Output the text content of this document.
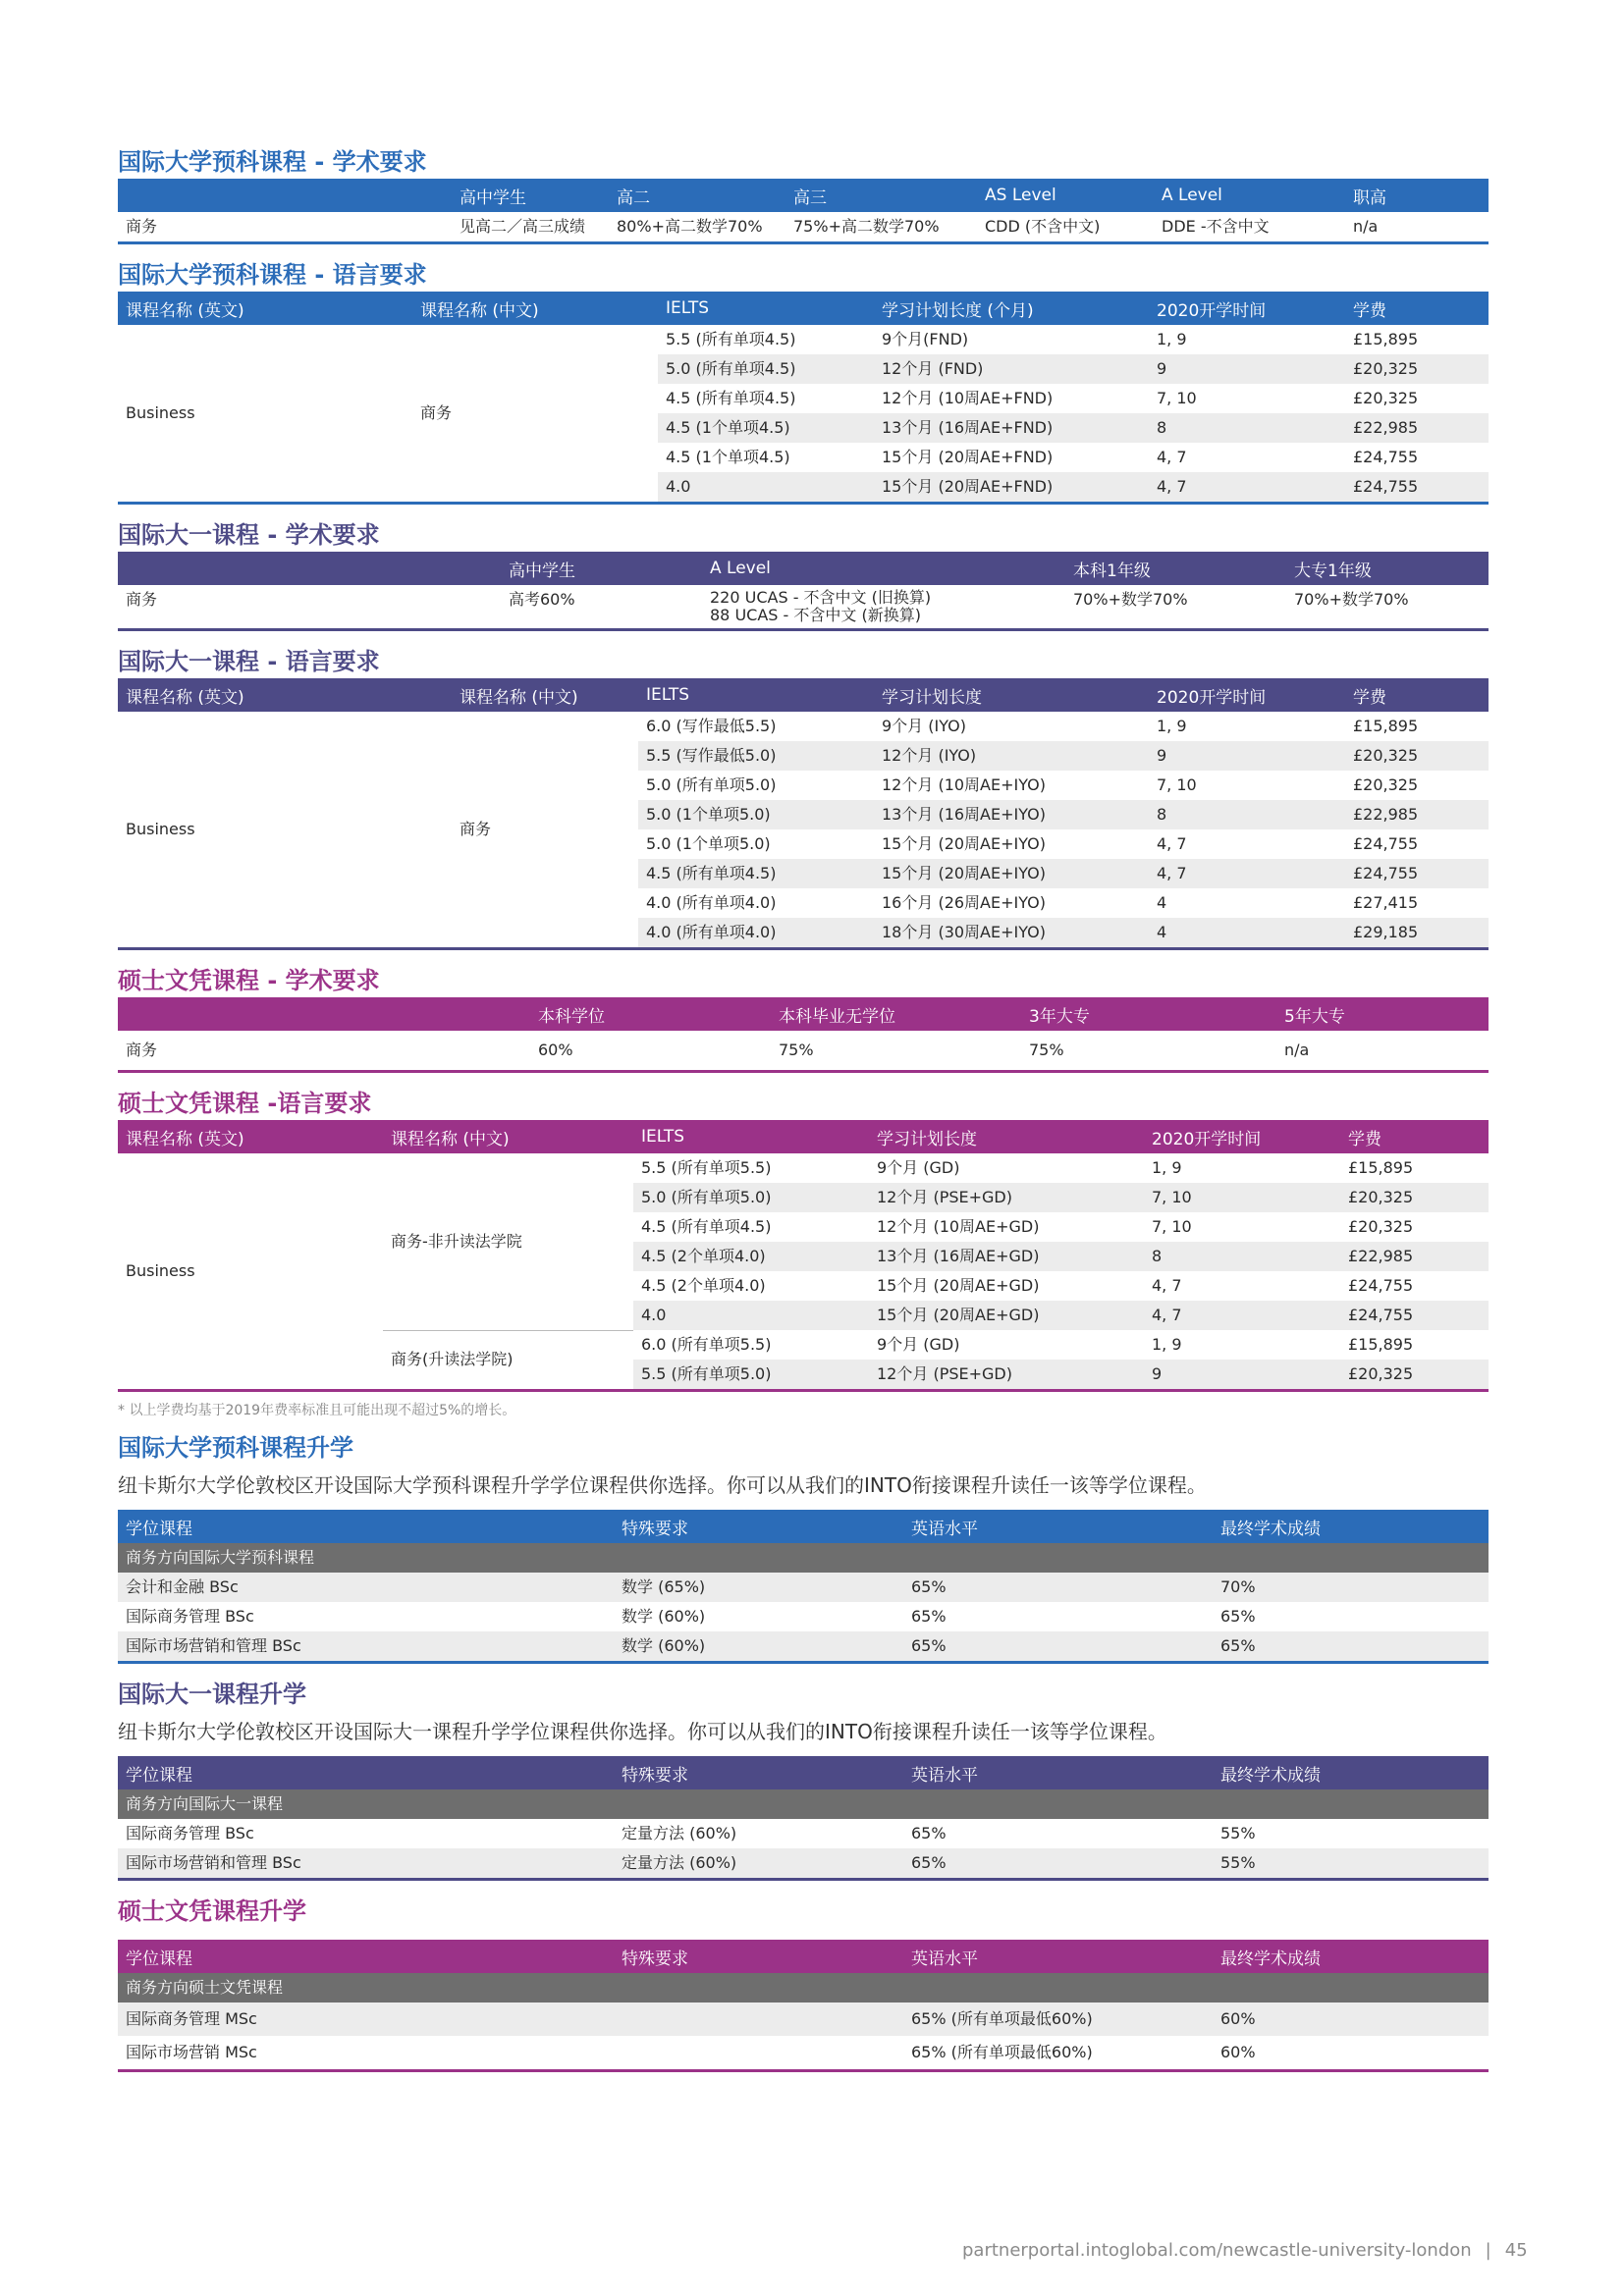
国际大学预科课程 - 学术要求
	高中学生	高二	高三	AS Level	A Level	职高
商务	见高二／高三成绩	80%+高二数学70%	75%+高二数学70%	CDD (不含中文)	DDE -不含中文	n/a
国际大学预科课程 - 语言要求
课程名称 (英文)	课程名称 (中文)	IELTS	学习计划长度 (个月)	2020开学时间	学费
Business	商务	5.5 (所有单项4.5)	9个月(FND)	1, 9	£15,895
		5.0 (所有单项4.5)	12个月 (FND)	9	£20,325
		4.5 (所有单项4.5)	12个月 (10周AE+FND)	7, 10	£20,325
		4.5 (1个单项4.5)	13个月 (16周AE+FND)	8	£22,985
		4.5 (1个单项4.5)	15个月 (20周AE+FND)	4, 7	£24,755
		4.0	15个月 (20周AE+FND)	4, 7	£24,755
国际大一课程 - 学术要求
	高中学生	A Level	本科1年级	大专1年级
商务	高考60%	220 UCAS - 不含中文 (旧换算)
88 UCAS - 不含中文 (新换算)	70%+数学70%	70%+数学70%
国际大一课程 - 语言要求
课程名称 (英文)	课程名称 (中文)	IELTS	学习计划长度	2020开学时间	学费
Business	商务	6.0 (写作最低5.5)	9个月 (IYO)	1, 9	£15,895
		5.5 (写作最低5.0)	12个月 (IYO)	9	£20,325
		5.0 (所有单项5.0)	12个月 (10周AE+IYO)	7, 10	£20,325
		5.0 (1个单项5.0)	13个月 (16周AE+IYO)	8	£22,985
		5.0 (1个单项5.0)	15个月 (20周AE+IYO)	4, 7	£24,755
		4.5 (所有单项4.5)	15个月 (20周AE+IYO)	4, 7	£24,755
		4.0 (所有单项4.0)	16个月 (26周AE+IYO)	4	£27,415
		4.0 (所有单项4.0)	18个月 (30周AE+IYO)	4	£29,185
硕士文凭课程 - 学术要求
	本科学位	本科毕业无学位	3年大专	5年大专
商务	60%	75%	75%	n/a
硕士文凭课程 -语言要求
课程名称 (英文)	课程名称 (中文)	IELTS	学习计划长度	2020开学时间	学费
Business	商务-非升读法学院	5.5 (所有单项5.5)	9个月 (GD)	1, 9	£15,895
		5.0 (所有单项5.0)	12个月 (PSE+GD)	7, 10	£20,325
		4.5 (所有单项4.5)	12个月 (10周AE+GD)	7, 10	£20,325
		4.5 (2个单项4.0)	13个月 (16周AE+GD)	8	£22,985
		4.5 (2个单项4.0)	15个月 (20周AE+GD)	4, 7	£24,755
		4.0	15个月 (20周AE+GD)	4, 7	£24,755
	商务(升读法学院)	6.0 (所有单项5.5)	9个月 (GD)	1, 9	£15,895
		5.5 (所有单项5.0)	12个月 (PSE+GD)	9	£20,325

* 以上学费均基于2019年费率标准且可能出现不超过5%的增长。

国际大学预科课程升学

纽卡斯尔大学伦敦校区开设国际大学预科课程升学学位课程供你选择。你可以从我们的INTO衔接课程升读任一该等学位课程。

学位课程	特殊要求	英语水平	最终学术成绩
商务方向国际大学预科课程			
会计和金融 BSc	数学 (65%)	65%	70%
国际商务管理 BSc	数学 (60%)	65%	65%
国际市场营销和管理 BSc	数学 (60%)	65%	65%
国际大一课程升学

纽卡斯尔大学伦敦校区开设国际大一课程升学学位课程供你选择。你可以从我们的INTO衔接课程升读任一该等学位课程。

学位课程	特殊要求	英语水平	最终学术成绩
商务方向国际大一课程			
国际商务管理 BSc	定量方法 (60%)	65%	55%
国际市场营销和管理 BSc	定量方法 (60%)	65%	55%
硕士文凭课程升学
学位课程	特殊要求	英语水平	最终学术成绩
商务方向硕士文凭课程			
国际商务管理 MSc		65% (所有单项最低60%)	60%
国际市场营销 MSc		65% (所有单项最低60%)	60%
partnerportal.intoglobal.com/newcastle-university-london | 45
